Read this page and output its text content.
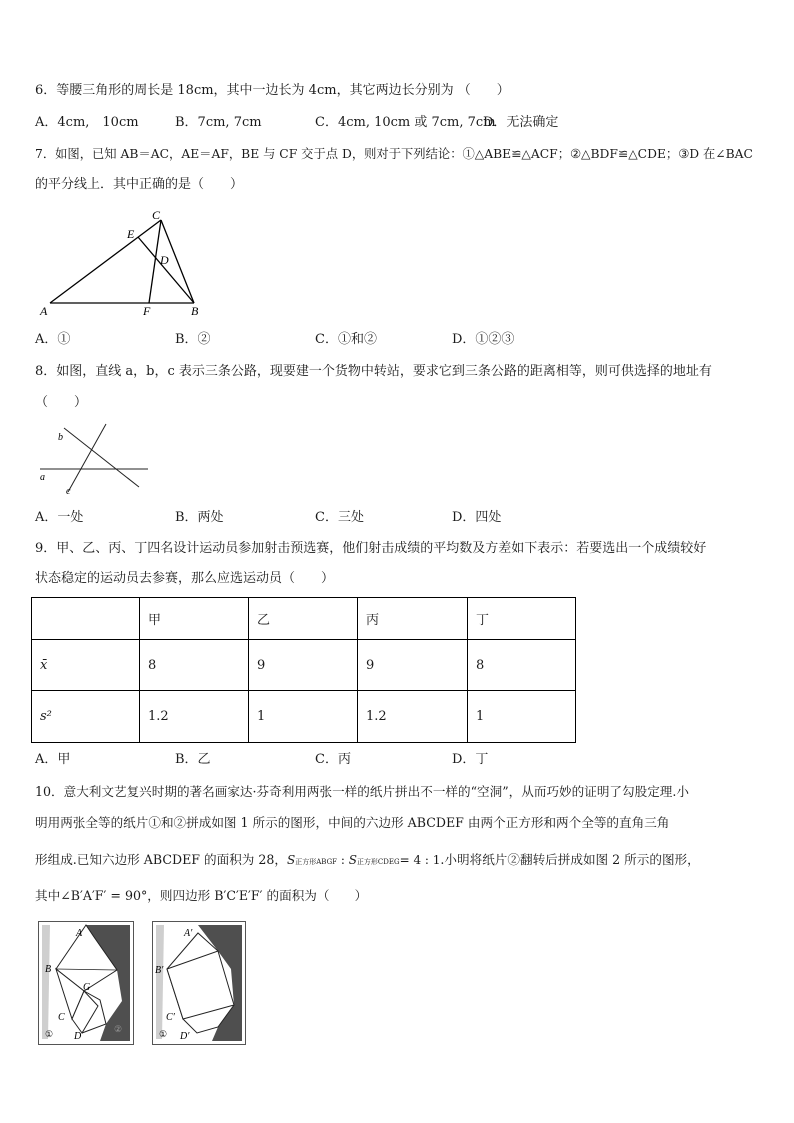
6．等腰三角形的周长是 18cm，其中一边长为 4cm，其它两边长分别为 （　　）
A．4cm,　10cm	B．7cm, 7cm	C．4cm, 10cm 或 7cm, 7cm
D．无法确定
7．如图，已知 AB＝AC，AE＝AF，BE 与 CF 交于点 D，则对于下列结论：①△ABE≌△ACF；②△BDF≌△CDE；③D 在∠BAC
的平分线上．其中正确的是（　　）
C
E
D
A	F	B
A．①	B．②	C．①和②	D．①②③
8．如图，直线 a，b，c 表示三条公路，现要建一个货物中转站，要求它到三条公路的距离相等，则可供选择的地址有
（　　）
b
a
c
A．一处	B．两处	C．三处	D．四处
9．甲、乙、丙、丁四名设计运动员参加射击预选赛，他们射击成绩的平均数及方差如下表示：若要选出一个成绩较好
状态稳定的运动员去参赛，那么应选运动员（　　）
	甲	乙	丙	丁
x̄	8	9	9	8
s²	1.2	1	1.2	1
A．甲	B．乙	C．丙	D．丁
10．意大利文艺复兴时期的著名画家达·芬奇利用两张一样的纸片拼出不一样的“空洞”，从而巧妙的证明了勾股定理.小
明用两张全等的纸片①和②拼成如图 1 所示的图形，中间的六边形 ABCDEF 由两个正方形和两个全等的直角三角
形组成.已知六边形 ABCDEF 的面积为 28，S正方形ABGF : S正方形CDEG= 4 : 1.小明将纸片②翻转后拼成如图 2 所示的图形，
其中∠B′A′F′ = 90°，则四边形 B′C′E′F′ 的面积为（　　）
A
B
G
C
D
①	②
A′
B′
C′
D′
①
